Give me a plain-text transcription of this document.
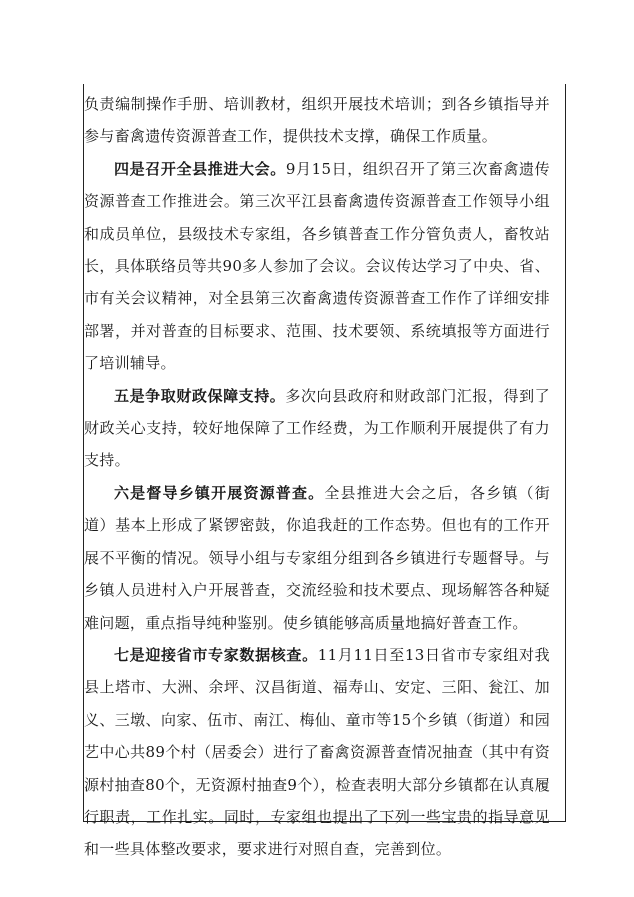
负责编制操作手册、培训教材，组织开展技术培训；到各乡镇指导并参与畜禽遗传资源普查工作，提供技术支撑，确保工作质量。

四是召开全县推进大会。9月15日，组织召开了第三次畜禽遗传资源普查工作推进会。第三次平江县畜禽遗传资源普查工作领导小组和成员单位，县级技术专家组，各乡镇普查工作分管负责人，畜牧站长，具体联络员等共90多人参加了会议。会议传达学习了中央、省、市有关会议精神，对全县第三次畜禽遗传资源普查工作作了详细安排部署，并对普查的目标要求、范围、技术要领、系统填报等方面进行了培训辅导。

五是争取财政保障支持。多次向县政府和财政部门汇报，得到了财政关心支持，较好地保障了工作经费，为工作顺利开展提供了有力支持。

六是督导乡镇开展资源普查。全县推进大会之后，各乡镇（街道）基本上形成了紧锣密鼓，你追我赶的工作态势。但也有的工作开展不平衡的情况。领导小组与专家组分组到各乡镇进行专题督导。与乡镇人员进村入户开展普查，交流经验和技术要点、现场解答各种疑难问题，重点指导纯种鉴别。使乡镇能够高质量地搞好普查工作。

七是迎接省市专家数据核查。11月11日至13日省市专家组对我县上塔市、大洲、余坪、汉昌街道、福寿山、安定、三阳、瓮江、加义、三墩、向家、伍市、南江、梅仙、童市等15个乡镇（街道）和园艺中心共89个村（居委会）进行了畜禽资源普查情况抽查（其中有资源村抽查80个，无资源村抽查9个），检查表明大部分乡镇都在认真履行职责，工作扎实。同时，专家组也提出了下列一些宝贵的指导意见和一些具体整改要求，要求进行对照自查，完善到位。
